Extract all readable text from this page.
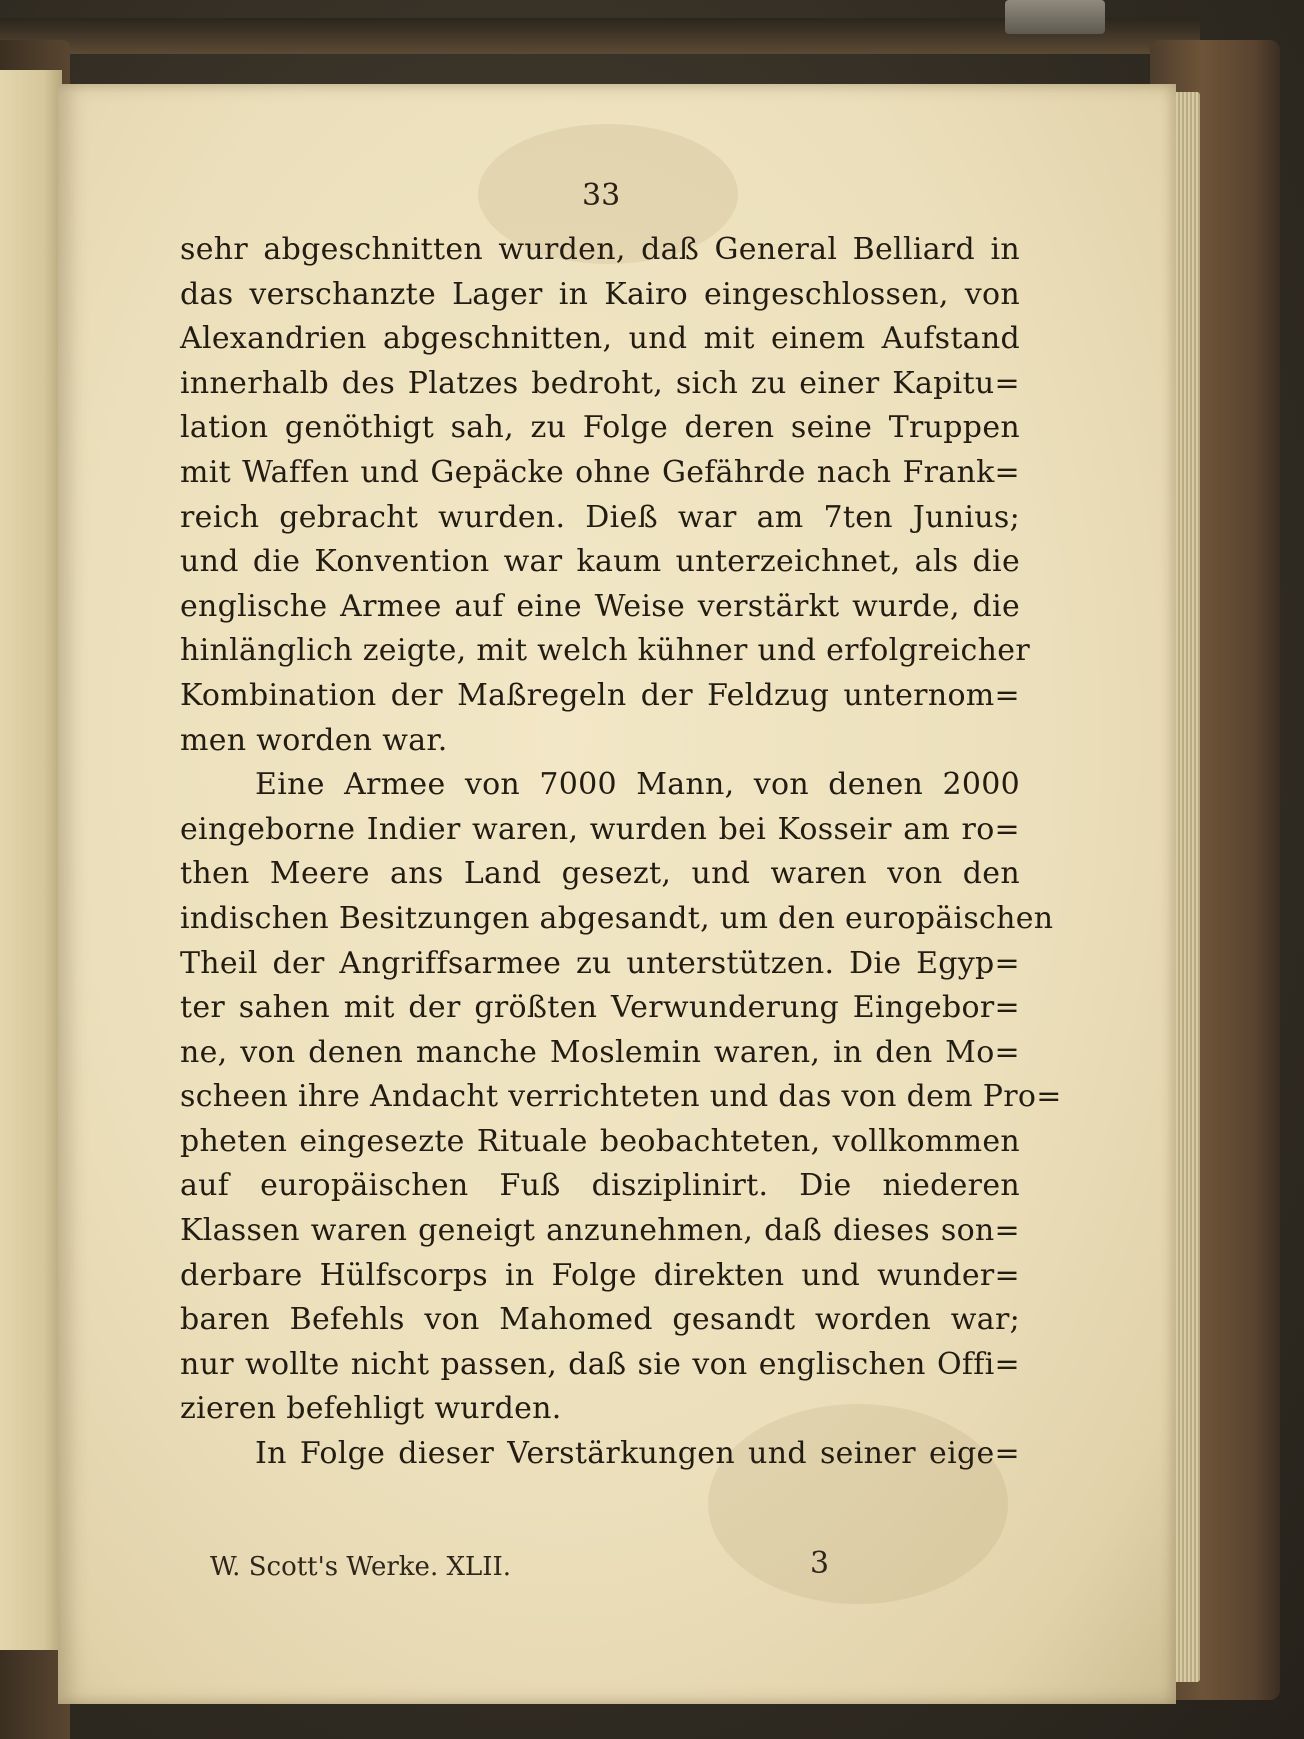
33
sehr abgeschnitten wurden, daß General Belliard in
das verschanzte Lager in Kairo eingeschlossen, von
Alexandrien abgeschnitten, und mit einem Aufstand
innerhalb des Platzes bedroht, sich zu einer Kapitu=
lation genöthigt sah, zu Folge deren seine Truppen
mit Waffen und Gepäcke ohne Gefährde nach Frank=
reich gebracht wurden. Dieß war am 7ten Junius;
und die Konvention war kaum unterzeichnet, als die
englische Armee auf eine Weise verstärkt wurde, die
hinlänglich zeigte, mit welch kühner und erfolgreicher
Kombination der Maßregeln der Feldzug unternom=
men worden war.
Eine Armee von 7000 Mann, von denen 2000
eingeborne Indier waren, wurden bei Kosseir am ro=
then Meere ans Land gesezt, und waren von den
indischen Besitzungen abgesandt, um den europäischen
Theil der Angriffsarmee zu unterstützen. Die Egyp=
ter sahen mit der größten Verwunderung Eingebor=
ne, von denen manche Moslemin waren, in den Mo=
scheen ihre Andacht verrichteten und das von dem Pro=
pheten eingesezte Rituale beobachteten, vollkommen
auf europäischen Fuß disziplinirt. Die niederen
Klassen waren geneigt anzunehmen, daß dieses son=
derbare Hülfscorps in Folge direkten und wunder=
baren Befehls von Mahomed gesandt worden war;
nur wollte nicht passen, daß sie von englischen Offi=
zieren befehligt wurden.
In Folge dieser Verstärkungen und seiner eige=
W. Scott's Werke. XLII.	3
